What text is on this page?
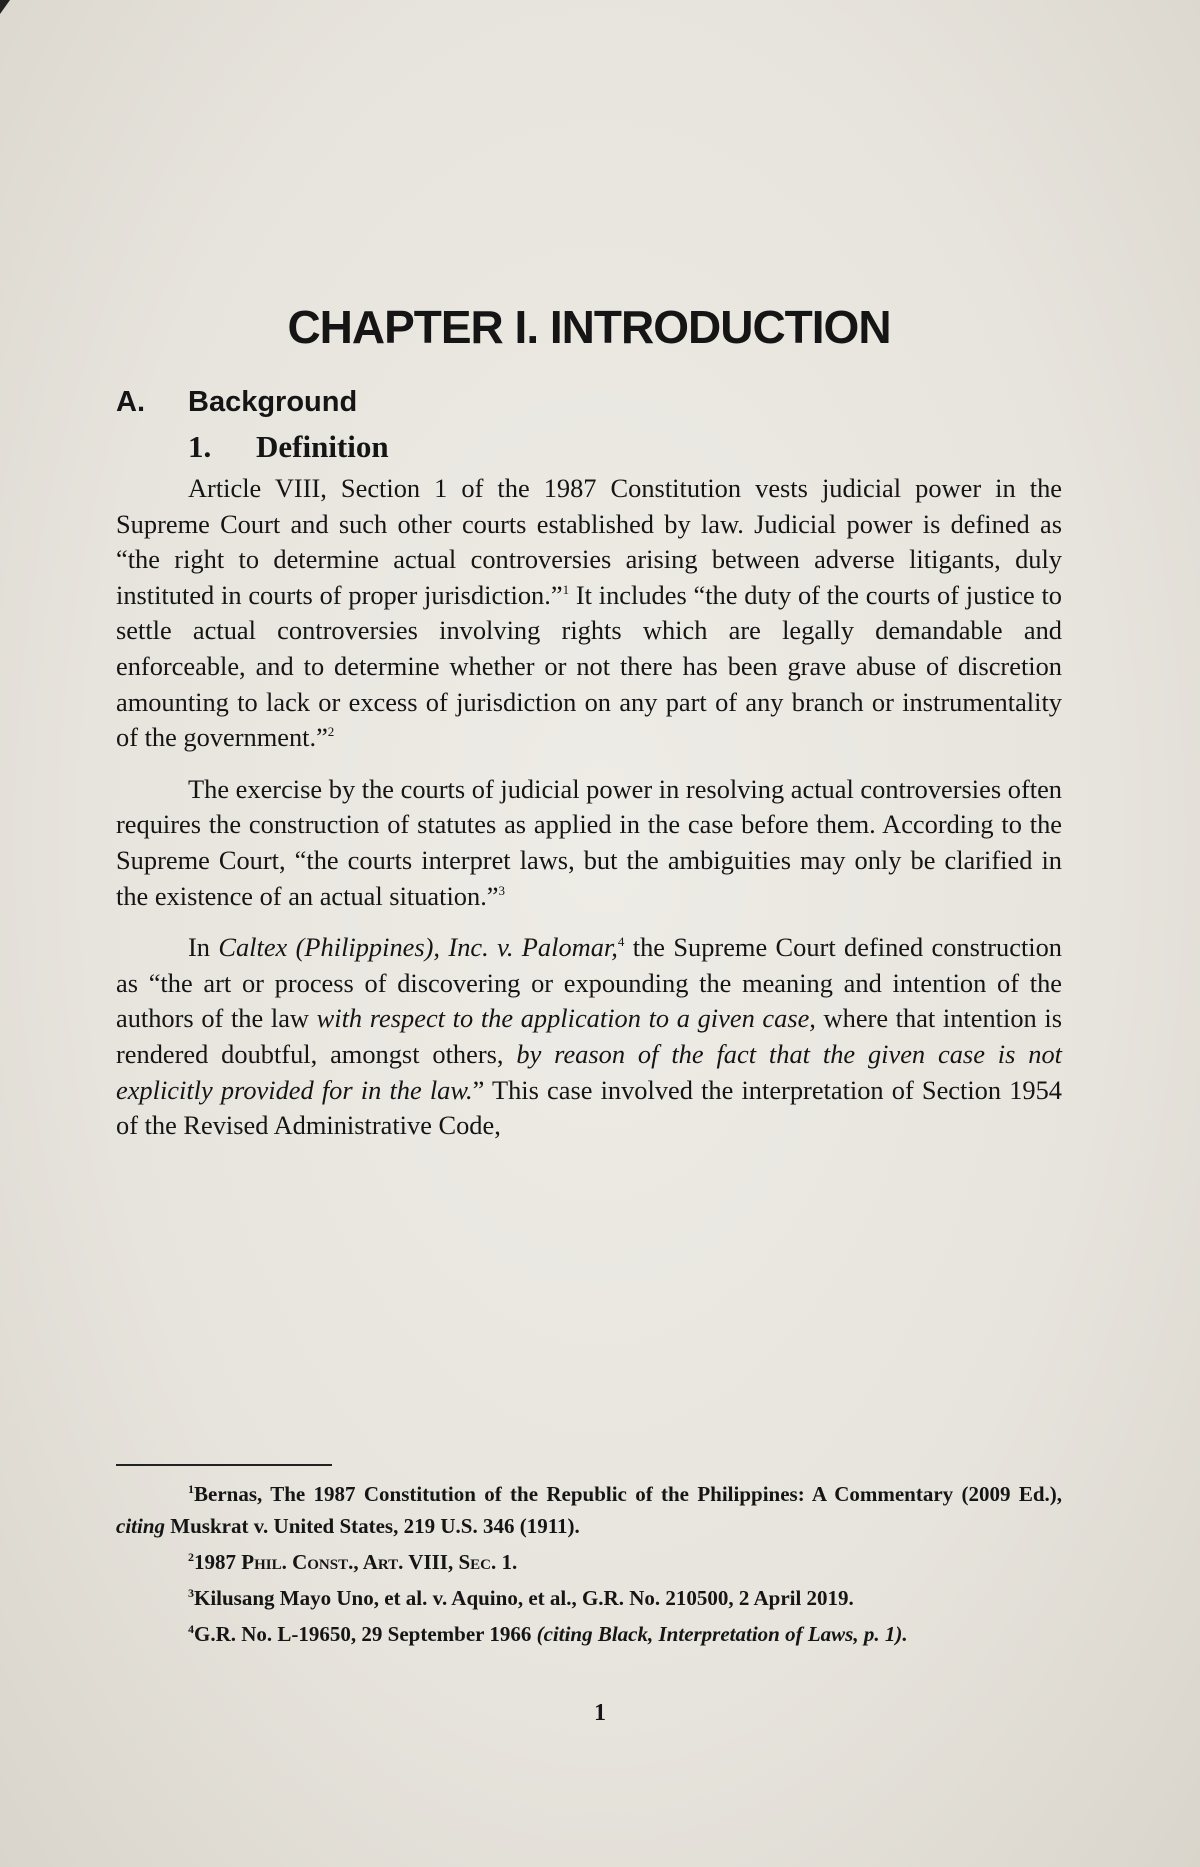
CHAPTER I. INTRODUCTION
A. Background
1. Definition

Article VIII, Section 1 of the 1987 Constitution vests judicial power in the Supreme Court and such other courts established by law. Judicial power is defined as “the right to determine actual controversies arising between adverse litigants, duly instituted in courts of proper jurisdiction.”$^1$ It includes “the duty of the courts of justice to settle actual controversies involving rights which are legally demandable and enforceable, and to determine whether or not there has been grave abuse of discretion amounting to lack or excess of jurisdiction on any part of any branch or instrumentality of the government.”$^2$

The exercise by the courts of judicial power in resolving actual controversies often requires the construction of statutes as applied in the case before them. According to the Supreme Court, “the courts interpret laws, but the ambiguities may only be clarified in the existence of an actual situation.”$^3$

In Caltex (Philippines), Inc. v. Palomar,$^4$ the Supreme Court defined construction as “the art or process of discovering or expounding the meaning and intention of the authors of the law with respect to the application to a given case, where that intention is rendered doubtful, amongst others, by reason of the fact that the given case is not explicitly provided for in the law.” This case involved the interpretation of Section 1954 of the Revised Administrative Code,

$^1$Bernas, The 1987 Constitution of the Republic of the Philippines: A Commentary (2009 Ed.), citing Muskrat v. United States, 219 U.S. 346 (1911).

$^2$1987 Phil. Const., Art. VIII, Sec. 1.

$^3$Kilusang Mayo Uno, et al. v. Aquino, et al., G.R. No. 210500, 2 April 2019.

$^4$G.R. No. L-19650, 29 September 1966 (citing Black, Interpretation of Laws, p. 1).

1
